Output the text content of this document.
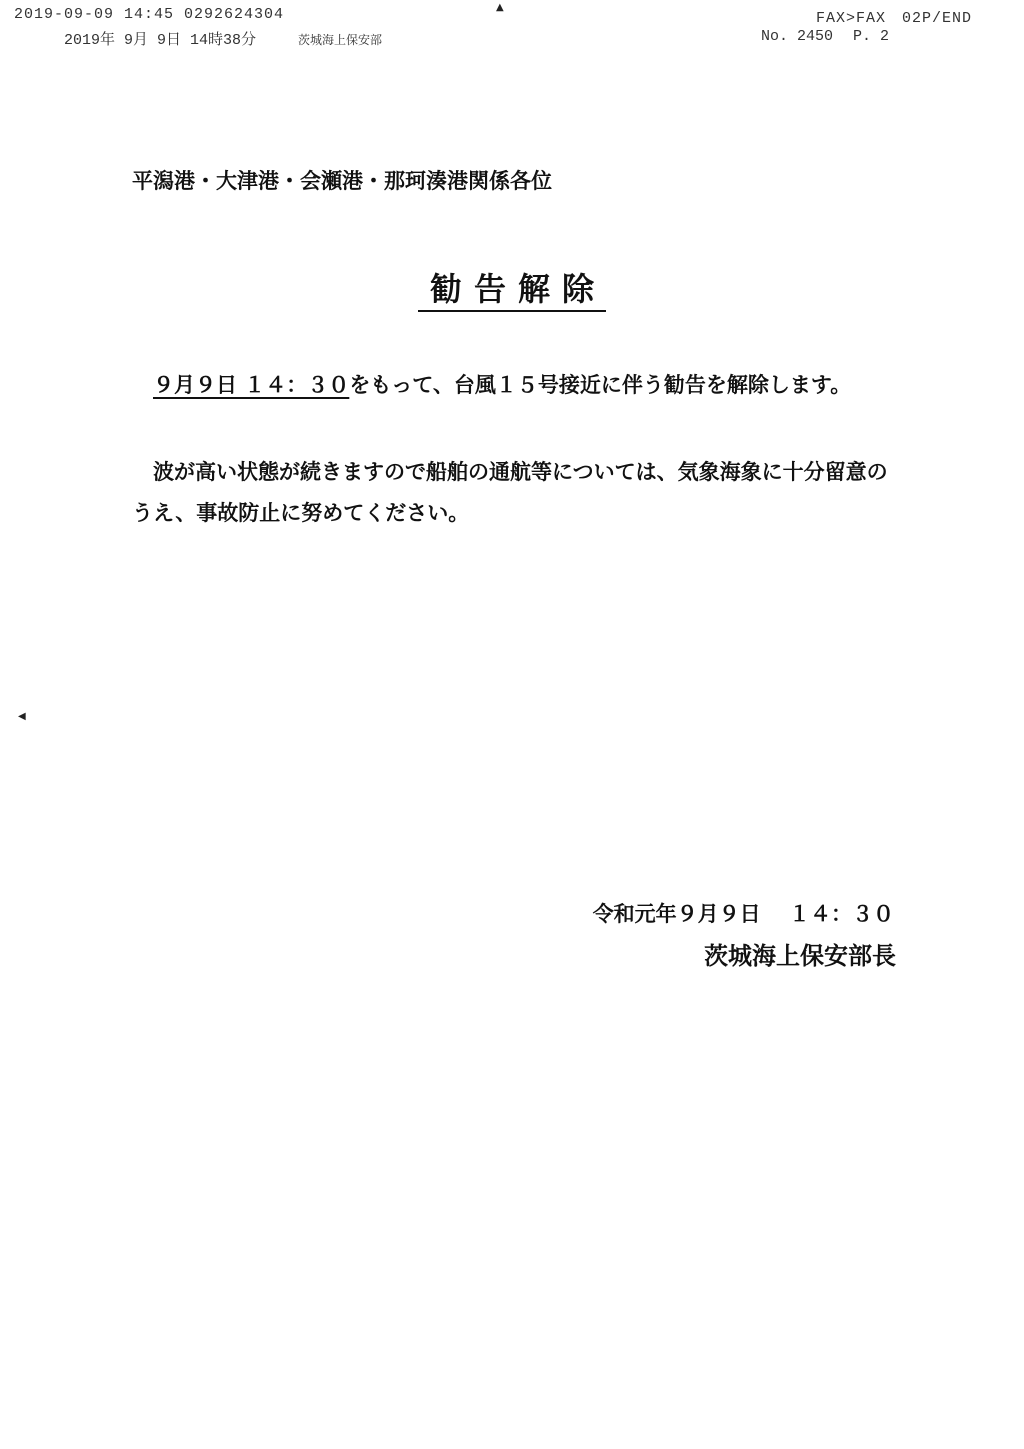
2019-09-09 14:45 0292624304
2019年 9月 9日 14時38分	茨城海上保安部
FAX>FAX　02P/END
No. 2450 P. 2
▲
◀
平潟港・大津港・会瀬港・那珂湊港関係各位
勧告解除
９月９日 １４：３０をもって、台風１５号接近に伴う勧告を解除します。
波が高い状態が続きますので船舶の通航等については、気象海象に十分留意のうえ、事故防止に努めてください。
令和元年９月９日　 １４：３０
茨城海上保安部長
